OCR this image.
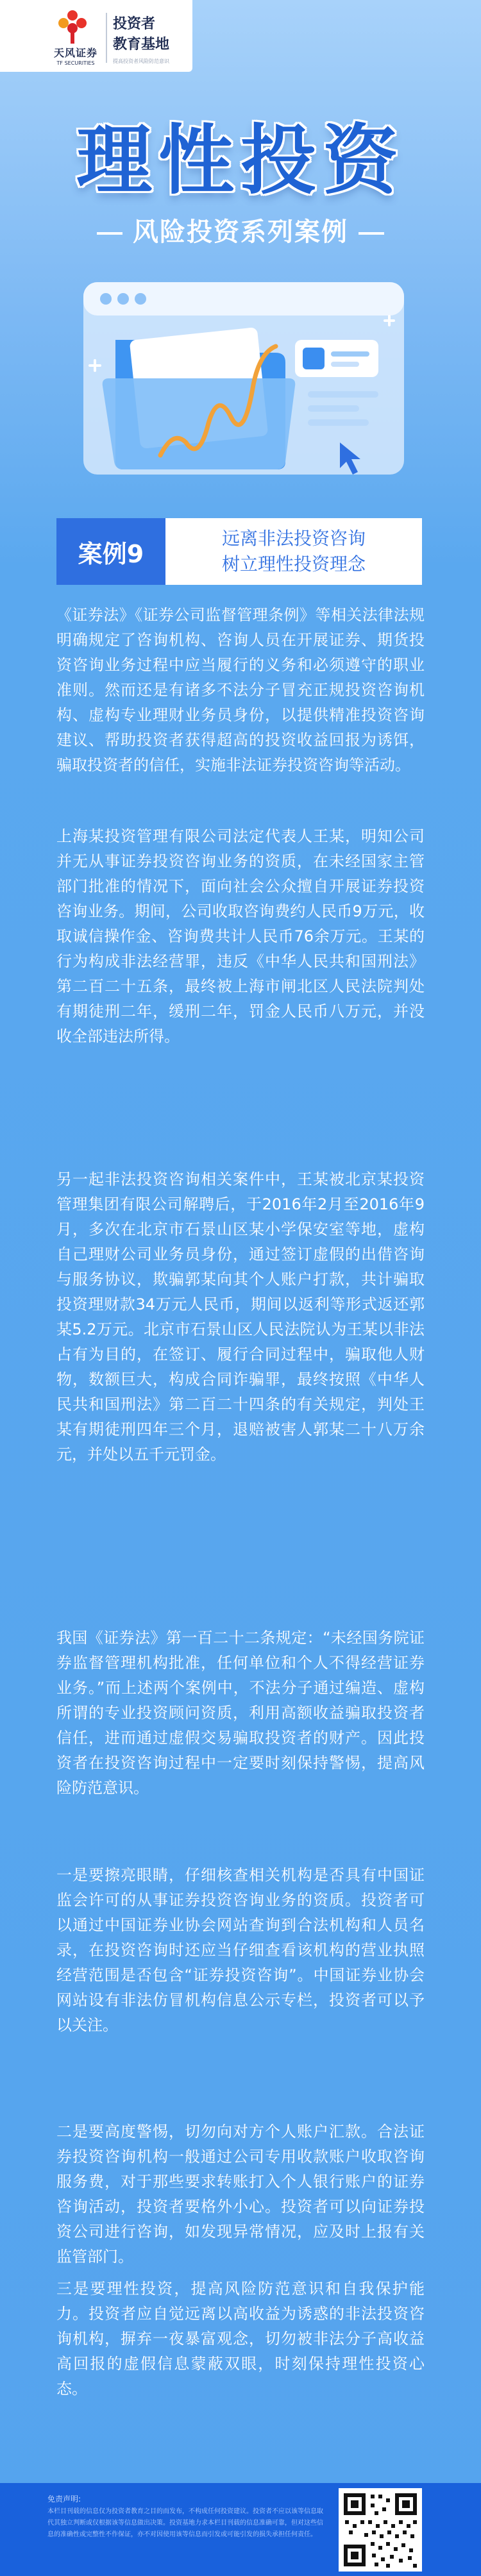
天风证券
TF SECURITIES
投资者
教育基地
提高投资者风险防范意识
理性投资
风险投资系列案例
案例9
远离非法投资咨询
树立理性投资理念
《证券法》《证券公司监督管理条例》等相关法律法规明确规定了咨询机构、咨询人员在开展证券、期货投资咨询业务过程中应当履行的义务和必须遵守的职业准则。然而还是有诸多不法分子冒充正规投资咨询机构、虚构专业理财业务员身份，以提供精准投资咨询建议、帮助投资者获得超高的投资收益回报为诱饵，骗取投资者的信任，实施非法证券投资咨询等活动。
上海某投资管理有限公司法定代表人王某，明知公司并无从事证券投资咨询业务的资质，在未经国家主管部门批准的情况下，面向社会公众擅自开展证券投资咨询业务。期间，公司收取咨询费约人民币9万元，收取诚信操作金、咨询费共计人民币76余万元。王某的行为构成非法经营罪，违反《中华人民共和国刑法》第二百二十五条，最终被上海市闸北区人民法院判处有期徒刑二年，缓刑二年，罚金人民币八万元，并没收全部违法所得。
另一起非法投资咨询相关案件中，王某被北京某投资管理集团有限公司解聘后，于2016年2月至2016年9月，多次在北京市石景山区某小学保安室等地，虚构自己理财公司业务员身份，通过签订虚假的出借咨询与服务协议，欺骗郭某向其个人账户打款，共计骗取投资理财款34万元人民币，期间以返利等形式返还郭某5.2万元。北京市石景山区人民法院认为王某以非法占有为目的，在签订、履行合同过程中，骗取他人财物，数额巨大，构成合同诈骗罪，最终按照《中华人民共和国刑法》第二百二十四条的有关规定，判处王某有期徒刑四年三个月，退赔被害人郭某二十八万余元，并处以五千元罚金。
我国《证券法》第一百二十二条规定：“未经国务院证券监督管理机构批准，任何单位和个人不得经营证券业务。”而上述两个案例中，不法分子通过编造、虚构所谓的专业投资顾问资质，利用高额收益骗取投资者信任，进而通过虚假交易骗取投资者的财产。因此投资者在投资咨询过程中一定要时刻保持警惕，提高风险防范意识。
一是要擦亮眼睛，仔细核查相关机构是否具有中国证监会许可的从事证券投资咨询业务的资质。投资者可以通过中国证券业协会网站查询到合法机构和人员名录，在投资咨询时还应当仔细查看该机构的营业执照经营范围是否包含“证券投资咨询”。中国证券业协会网站设有非法仿冒机构信息公示专栏，投资者可以予以关注。
二是要高度警惕，切勿向对方个人账户汇款。合法证券投资咨询机构一般通过公司专用收款账户收取咨询服务费，对于那些要求转账打入个人银行账户的证券咨询活动，投资者要格外小心。投资者可以向证券投资公司进行咨询，如发现异常情况，应及时上报有关监管部门。
三是要理性投资，提高风险防范意识和自我保护能力。投资者应自觉远离以高收益为诱惑的非法投资咨询机构，摒弃一夜暴富观念，切勿被非法分子高收益高回报的虚假信息蒙蔽双眼，时刻保持理性投资心态。
免责声明:
本栏目刊载的信息仅为投资者教育之目的而发布，不构成任何投资建议。投资者不应以该等信息取代其独立判断或仅根据该等信息做出决策。投资基地力求本栏目刊载的信息准确可靠，但对这些信息的准确性或完整性不作保证，亦不对因使用该等信息而引发或可能引发的损失承担任何责任。
